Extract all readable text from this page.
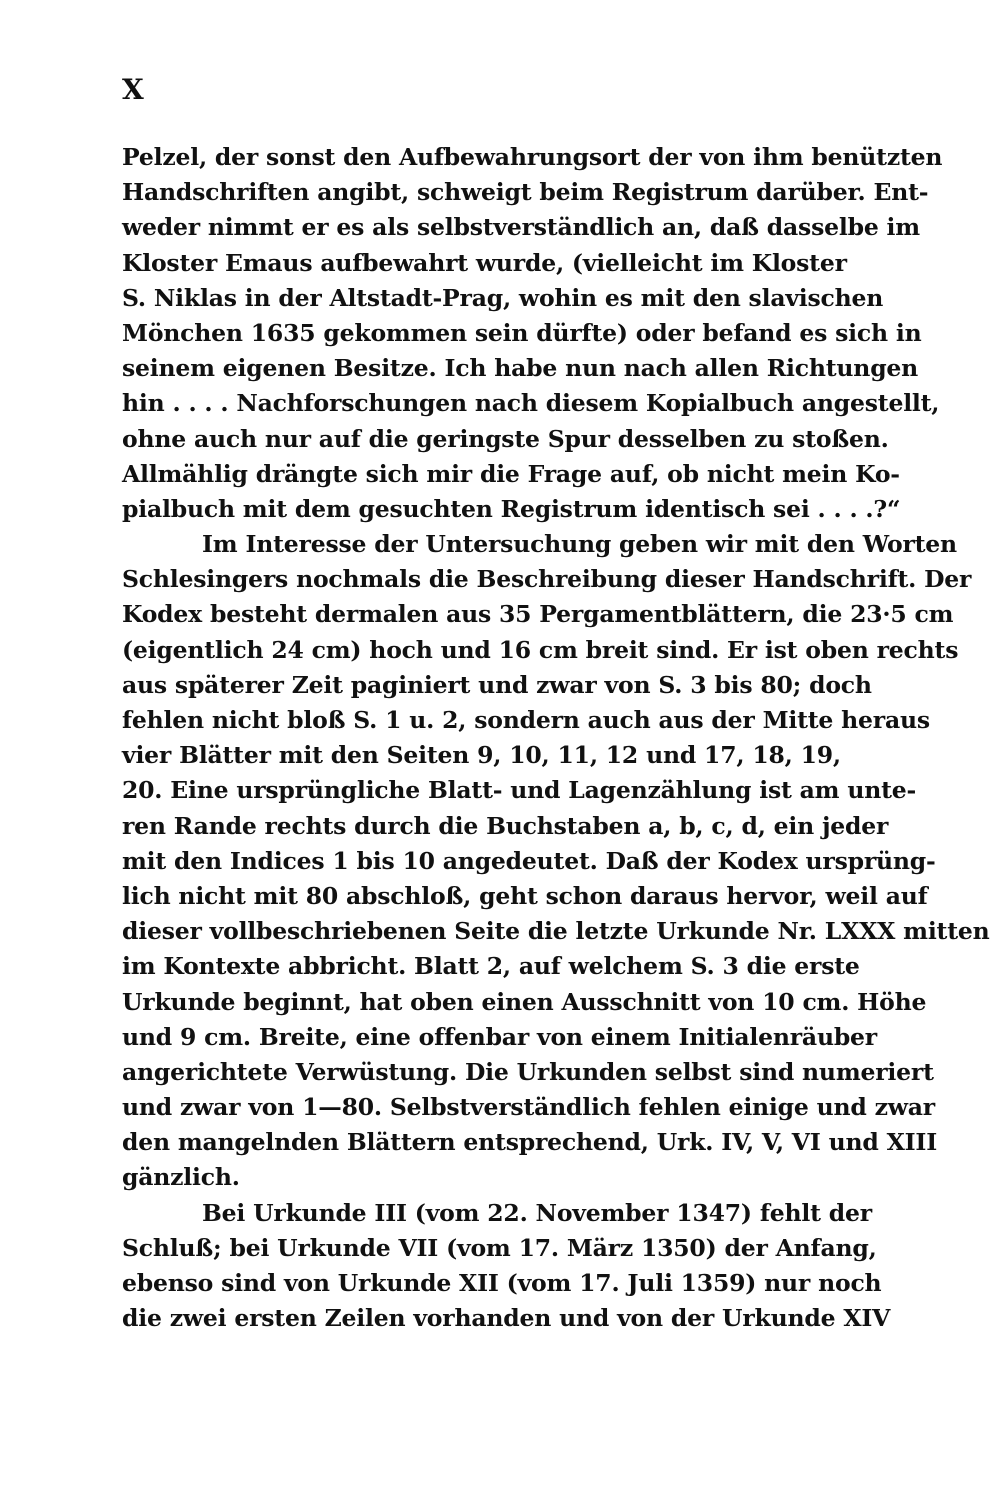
X
Pelzel, der sonst den Aufbewahrungsort der von ihm benützten
Handschriften angibt, schweigt beim Registrum darüber. Ent-
weder nimmt er es als selbstverständlich an, daß dasselbe im
Kloster Emaus aufbewahrt wurde, (vielleicht im Kloster
S. Niklas in der Altstadt-Prag, wohin es mit den slavischen
Mönchen 1635 gekommen sein dürfte) oder befand es sich in
seinem eigenen Besitze. Ich habe nun nach allen Richtungen
hin . . . . Nachforschungen nach diesem Kopialbuch angestellt,
ohne auch nur auf die geringste Spur desselben zu stoßen.
Allmählig drängte sich mir die Frage auf, ob nicht mein Ko-
pialbuch mit dem gesuchten Registrum identisch sei . . . .?“
Im Interesse der Untersuchung geben wir mit den Worten
Schlesingers nochmals die Beschreibung dieser Handschrift. Der
Kodex besteht dermalen aus 35 Pergamentblättern, die 23·5 cm
(eigentlich 24 cm) hoch und 16 cm breit sind. Er ist oben rechts
aus späterer Zeit paginiert und zwar von S. 3 bis 80; doch
fehlen nicht bloß S. 1 u. 2, sondern auch aus der Mitte heraus
vier Blätter mit den Seiten 9, 10, 11, 12 und 17, 18, 19,
20. Eine ursprüngliche Blatt- und Lagenzählung ist am unte-
ren Rande rechts durch die Buchstaben a, b, c, d, ein jeder
mit den Indices 1 bis 10 angedeutet. Daß der Kodex ursprüng-
lich nicht mit 80 abschloß, geht schon daraus hervor, weil auf
dieser vollbeschriebenen Seite die letzte Urkunde Nr. LXXX mitten
im Kontexte abbricht. Blatt 2, auf welchem S. 3 die erste
Urkunde beginnt, hat oben einen Ausschnitt von 10 cm. Höhe
und 9 cm. Breite, eine offenbar von einem Initialenräuber
angerichtete Verwüstung. Die Urkunden selbst sind numeriert
und zwar von 1—80. Selbstverständlich fehlen einige und zwar
den mangelnden Blättern entsprechend, Urk. IV, V, VI und XIII
gänzlich.
Bei Urkunde III (vom 22. November 1347) fehlt der
Schluß; bei Urkunde VII (vom 17. März 1350) der Anfang,
ebenso sind von Urkunde XII (vom 17. Juli 1359) nur noch
die zwei ersten Zeilen vorhanden und von der Urkunde XIV
